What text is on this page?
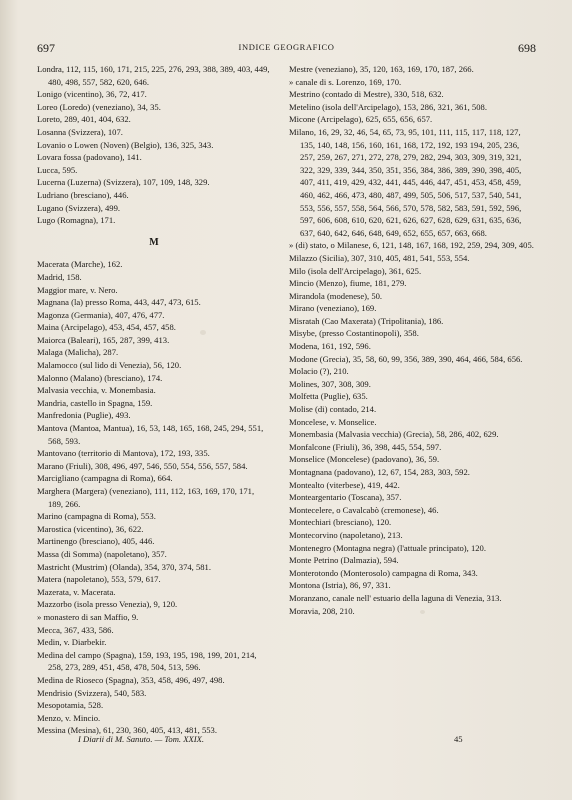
697	INDICE GEOGRAFICO	698
Londra, 112, 115, 160, 171, 215, 225, 276, 293, 388, 389, 403, 449, 480, 498, 557, 582, 620, 646.
Lonigo (vicentino), 36, 72, 417.
Loreo (Loredo) (veneziano), 34, 35.
Loreto, 289, 401, 404, 632.
Losanna (Svizzera), 107.
Lovanio o Lowen (Noven) (Belgio), 136, 325, 343.
Lovara fossa (padovano), 141.
Lucca, 595.
Lucerna (Luzerna) (Svizzera), 107, 109, 148, 329.
Ludriano (bresciano), 446.
Lugano (Svizzera), 499.
Lugo (Romagna), 171.
M
Macerata (Marche), 162.
Madrid, 158.
Maggior mare, v. Nero.
Magnana (la) presso Roma, 443, 447, 473, 615.
Magonza (Germania), 407, 476, 477.
Maina (Arcipelago), 453, 454, 457, 458.
Maiorca (Baleari), 165, 287, 399, 413.
Malaga (Malicha), 287.
Malamocco (sul lido di Venezia), 56, 120.
Malonno (Malano) (bresciano), 174.
Malvasia vecchia, v. Monembasia.
Mandria, castello in Spagna, 159.
Manfredonia (Puglie), 493.
Mantova (Mantoa, Mantua), 16, 53, 148, 165, 168, 245, 294, 551, 568, 593.
Mantovano (territorio di Mantova), 172, 193, 335.
Marano (Friuli), 308, 496, 497, 546, 550, 554, 556, 557, 584.
Marcigliano (campagna di Roma), 664.
Marghera (Margera) (veneziano), 111, 112, 163, 169, 170, 171, 189, 266.
Marino (campagna di Roma), 553.
Marostica (vicentino), 36, 622.
Martinengo (bresciano), 405, 446.
Massa (di Somma) (napoletano), 357.
Mastricht (Mustrim) (Olanda), 354, 370, 374, 581.
Matera (napoletano), 553, 579, 617.
Mazerata, v. Macerata.
Mazzorbo (isola presso Venezia), 9, 120.
» monastero di san Maffio, 9.
Mecca, 367, 433, 586.
Medin, v. Diarbekir.
Medina del campo (Spagna), 159, 193, 195, 198, 199, 201, 214, 258, 273, 289, 451, 458, 478, 504, 513, 596.
Medina de Rioseco (Spagna), 353, 458, 496, 497, 498.
Mendrisio (Svizzera), 540, 583.
Mesopotamia, 528.
Menzo, v. Mincio.
Messina (Mesina), 61, 230, 360, 405, 413, 481, 553.
Mestre (veneziano), 35, 120, 163, 169, 170, 187, 266.
» canale di s. Lorenzo, 169, 170.
Mestrino (contado di Mestre), 330, 518, 632.
Metelino (isola dell'Arcipelago), 153, 286, 321, 361, 508.
Micone (Arcipelago), 625, 655, 656, 657.
Milano, 16, 29, 32, 46, 54, 65, 73, 95, 101, 111, 115, 117, 118, 127, 135, 140, 148, 156, 160, 161, 168, 172, 192, 193 194, 205, 236, 257, 259, 267, 271, 272, 278, 279, 282, 294, 303, 309, 319, 321, 322, 329, 339, 344, 350, 351, 356, 384, 386, 389, 390, 398, 405, 407, 411, 419, 429, 432, 441, 445, 446, 447, 451, 453, 458, 459, 460, 462, 466, 473, 480, 487, 499, 505, 506, 517, 537, 540, 541, 553, 556, 557, 558, 564, 566, 570, 578, 582, 583, 591, 592, 596, 597, 606, 608, 610, 620, 621, 626, 627, 628, 629, 631, 635, 636, 637, 640, 642, 646, 648, 649, 652, 655, 657, 663, 668.
» (di) stato, o Milanese, 6, 121, 148, 167, 168, 192, 259, 294, 309, 405.
Milazzo (Sicilia), 307, 310, 405, 481, 541, 553, 554.
Milo (isola dell'Arcipelago), 361, 625.
Mincio (Menzo), fiume, 181, 279.
Mirandola (modenese), 50.
Mirano (veneziano), 169.
Misratah (Cao Maxerata) (Tripolitania), 186.
Misybe, (presso Costantinopoli), 358.
Modena, 161, 192, 596.
Modone (Grecia), 35, 58, 60, 99, 356, 389, 390, 464, 466, 584, 656.
Molacio (?), 210.
Molines, 307, 308, 309.
Molfetta (Puglie), 635.
Molise (di) contado, 214.
Moncelese, v. Monselice.
Monembasia (Malvasia vecchia) (Grecia), 58, 286, 402, 629.
Monfalcone (Friuli), 36, 398, 445, 554, 597.
Monselice (Moncelese) (padovano), 36, 59.
Montagnana (padovano), 12, 67, 154, 283, 303, 592.
Montealto (viterbese), 419, 442.
Monteargentario (Toscana), 357.
Montecelere, o Cavalcabò (cremonese), 46.
Montechiari (bresciano), 120.
Montecorvino (napoletano), 213.
Montenegro (Montagna negra) (l'attuale principato), 120.
Monte Petrino (Dalmazia), 594.
Monterotondo (Monterosolo) campagna di Roma, 343.
Montona (Istria), 86, 97, 331.
Moranzano, canale nell' estuario della laguna di Venezia, 313.
Moravia, 208, 210.
I Diarii di M. Sanuto. — Tom. XXIX.	45
